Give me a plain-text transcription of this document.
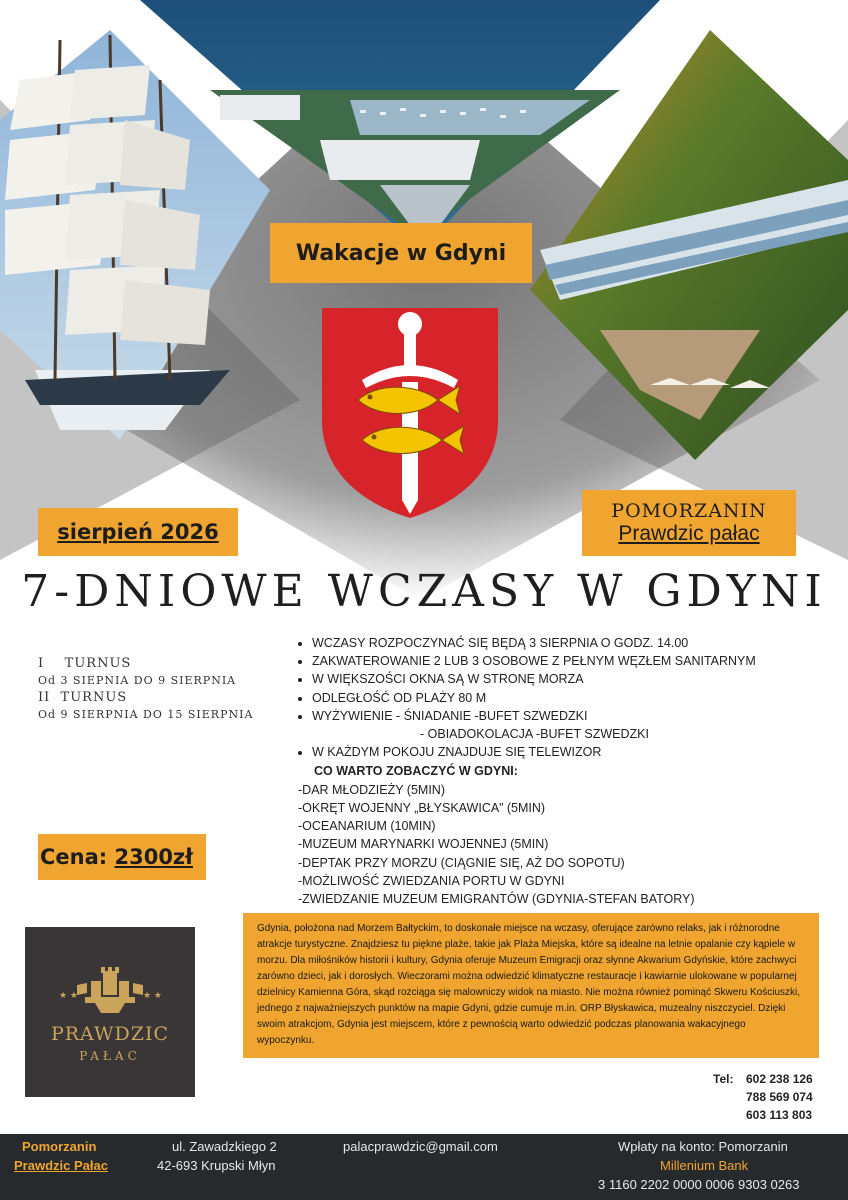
Wakacje w Gdyni
sierpień 2026
POMORZANIN
Prawdzic pałac
7-DNIOWE WCZASY W GDYNI
I    TURNUS
Od 3 SIEPNIA DO 9 SIERPNIA
II  TURNUS
Od 9 SIERPNIA DO 15 SIERPNIA
• WCZASY ROZPOCZYNAĆ SIĘ BĘDĄ 3 SIERPNIA O GODZ. 14.00
• ZAKWATEROWANIE 2 LUB 3 OSOBOWE Z PEŁNYM WĘZŁEM SANITARNYM
• W WIĘKSZOŚCI OKNA SĄ W STRONĘ MORZA
• ODLEGŁOŚĆ OD PLAŻY 80 M
• WYŻYWIENIE - ŚNIADANIE -BUFET SZWEDZKI
- OBIADOKOLACJA -BUFET SZWEDZKI
• W KAŻDYM POKOJU ZNAJDUJE SIĘ TELEWIZOR
CO WARTO ZOBACZYĆ W GDYNI:
-DAR MŁODZIEŻY (5MIN)
-OKRĘT WOJENNY „BŁYSKAWICA” (5MIN)
-OCEANARIUM (10MIN)
-MUZEUM MARYNARKI WOJENNEJ (5MIN)
-DEPTAK PRZY MORZU (CIĄGNIE SIĘ, AŻ DO SOPOTU)
-MOŻLIWOŚĆ ZWIEDZANIA PORTU W GDYNI
-ZWIEDZANIE MUZEUM EMIGRANTÓW (GDYNIA-STEFAN BATORY)
Cena: 2300zł
Gdynia, położona nad Morzem Bałtyckim, to doskonałe miejsce na wczasy, oferujące zarówno relaks, jak i różnorodne atrakcje turystyczne. Znajdziesz tu piękne plaże, takie jak Plaża Miejska, które są idealne na letnie opalanie czy kąpiele w morzu. Dla miłośników historii i kultury, Gdynia oferuje Muzeum Emigracji oraz słynne Akwarium Gdyńskie, które zachwyci zarówno dzieci, jak i dorosłych. Wieczorami można odwiedzić klimatyczne restauracje i kawiarnie ulokowane w popularnej dzielnicy Kamienna Góra, skąd rozciąga się malowniczy widok na miasto. Nie można również pominąć Skweru Kościuszki, jednego z najważniejszych punktów na mapie Gdyni, gdzie cumuje m.in. ORP Błyskawica, muzealny niszczyciel. Dzięki swoim atrakcjom, Gdynia jest miejscem, które z pewnością warto odwiedzić podczas planowania wakacyjnego wypoczynku.
★ ★	★ ★
PRAWDZIC
PAŁAC
Tel: 602 238 126
788 569 074
603 113 803
Pomorzanin
Prawdzic Pałac
ul. Zawadzkiego 2
42-693 Krupski Młyn
palacprawdzic@gmail.com	Wpłaty na konto: Pomorzanin
Millenium Bank
3 1160 2202 0000 0006 9303 0263
